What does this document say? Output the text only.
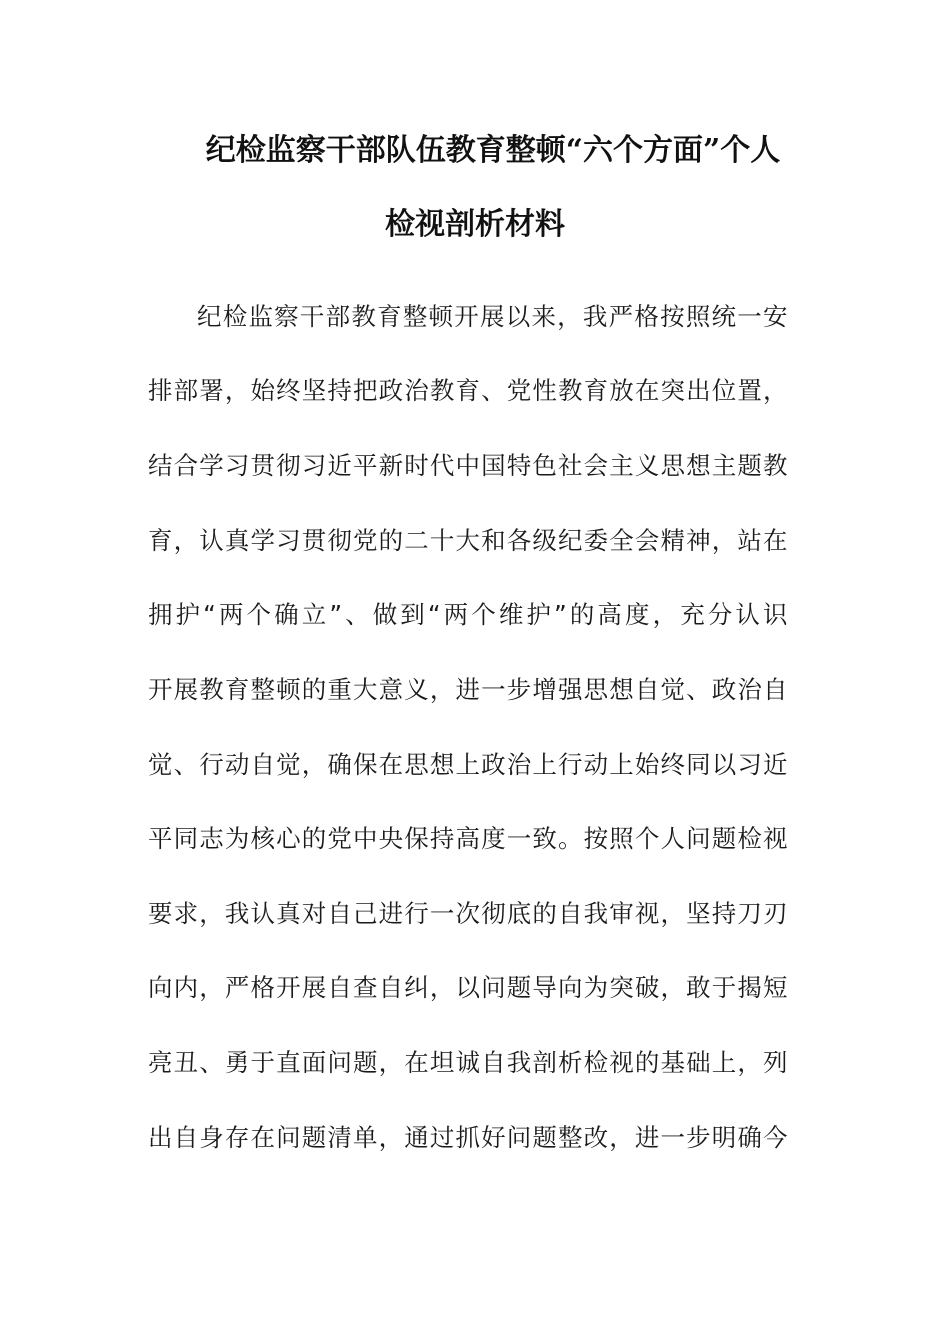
纪检监察干部队伍教育整顿“六个方面”个人
检视剖析材料
纪检监察干部教育整顿开展以来，我严格按照统一安
排部署，始终坚持把政治教育、党性教育放在突出位置，
结合学习贯彻习近平新时代中国特色社会主义思想主题教
育，认真学习贯彻党的二十大和各级纪委全会精神，站在
拥护“两个确立”、做到“两个维护”的高度，充分认识
开展教育整顿的重大意义，进一步增强思想自觉、政治自
觉、行动自觉，确保在思想上政治上行动上始终同以习近
平同志为核心的党中央保持高度一致。按照个人问题检视
要求，我认真对自己进行一次彻底的自我审视，坚持刀刃
向内，严格开展自查自纠，以问题导向为突破，敢于揭短
亮丑、勇于直面问题，在坦诚自我剖析检视的基础上，列
出自身存在问题清单，通过抓好问题整改，进一步明确今
